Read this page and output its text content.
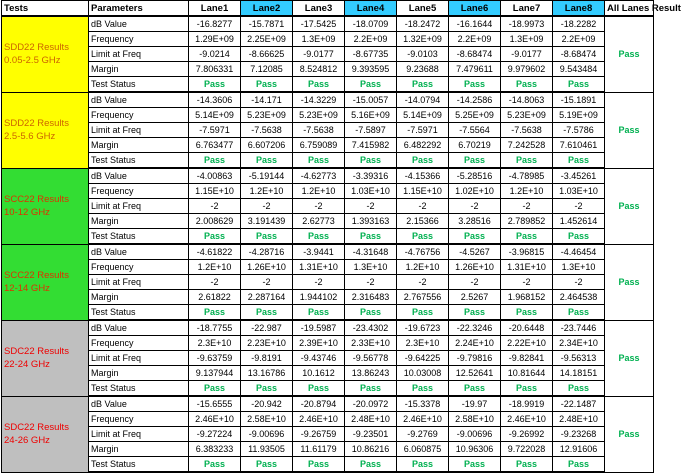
Tests	Parameters	Lane1	Lane2	Lane3	Lane4	Lane5	Lane6	Lane7	Lane8	All Lanes Result
SDD22 Results
0.05-2.5 GHz	dB Value	-16.8277	-15.7871	-17.5425	-18.0709	-18.2472	-16.1644	-18.9973	-18.2282	Pass
	Frequency	1.29E+09	2.25E+09	1.3E+09	2.2E+09	1.32E+09	2.2E+09	1.3E+09	2.2E+09	
	Limit at Freq	-9.0214	-8.66625	-9.0177	-8.67735	-9.0103	-8.68474	-9.0177	-8.68474	
	Margin	7.806331	7.12085	8.524812	9.393595	9.23688	7.479611	9.979602	9.543484	
	Test Status	Pass	Pass	Pass	Pass	Pass	Pass	Pass	Pass	
SDD22 Results
2.5-5.6 GHz	dB Value	-14.3606	-14.171	-14.3229	-15.0057	-14.0794	-14.2586	-14.8063	-15.1891	Pass
	Frequency	5.14E+09	5.23E+09	5.23E+09	5.16E+09	5.14E+09	5.25E+09	5.23E+09	5.19E+09	
	Limit at Freq	-7.5971	-7.5638	-7.5638	-7.5897	-7.5971	-7.5564	-7.5638	-7.5786	
	Margin	6.763477	6.607206	6.759089	7.415982	6.482292	6.70219	7.242528	7.610461	
	Test Status	Pass	Pass	Pass	Pass	Pass	Pass	Pass	Pass	
SCC22 Results
10-12 GHz	dB Value	-4.00863	-5.19144	-4.62773	-3.39316	-4.15366	-5.28516	-4.78985	-3.45261	Pass
	Frequency	1.15E+10	1.2E+10	1.2E+10	1.03E+10	1.15E+10	1.02E+10	1.2E+10	1.03E+10	
	Limit at Freq	-2	-2	-2	-2	-2	-2	-2	-2	
	Margin	2.008629	3.191439	2.62773	1.393163	2.15366	3.28516	2.789852	1.452614	
	Test Status	Pass	Pass	Pass	Pass	Pass	Pass	Pass	Pass	
SCC22 Results
12-14 GHz	dB Value	-4.61822	-4.28716	-3.9441	-4.31648	-4.76756	-4.5267	-3.96815	-4.46454	Pass
	Frequency	1.2E+10	1.26E+10	1.31E+10	1.3E+10	1.2E+10	1.26E+10	1.31E+10	1.3E+10	
	Limit at Freq	-2	-2	-2	-2	-2	-2	-2	-2	
	Margin	2.61822	2.287164	1.944102	2.316483	2.767556	2.5267	1.968152	2.464538	
	Test Status	Pass	Pass	Pass	Pass	Pass	Pass	Pass	Pass	
SDC22 Results
22-24 GHz	dB Value	-18.7755	-22.987	-19.5987	-23.4302	-19.6723	-22.3246	-20.6448	-23.7446	Pass
	Frequency	2.3E+10	2.23E+10	2.39E+10	2.33E+10	2.3E+10	2.24E+10	2.22E+10	2.34E+10	
	Limit at Freq	-9.63759	-9.8191	-9.43746	-9.56778	-9.64225	-9.79816	-9.82841	-9.56313	
	Margin	9.137944	13.16786	10.1612	13.86243	10.03008	12.52641	10.81644	14.18151	
	Test Status	Pass	Pass	Pass	Pass	Pass	Pass	Pass	Pass	
SDC22 Results
24-26 GHz	dB Value	-15.6555	-20.942	-20.8794	-20.0972	-15.3378	-19.97	-18.9919	-22.1487	Pass
	Frequency	2.46E+10	2.58E+10	2.46E+10	2.48E+10	2.46E+10	2.58E+10	2.46E+10	2.48E+10	
	Limit at Freq	-9.27224	-9.00696	-9.26759	-9.23501	-9.2769	-9.00696	-9.26992	-9.23268	
	Margin	6.383233	11.93505	11.61179	10.86216	6.060875	10.96306	9.722028	12.91606	
	Test Status	Pass	Pass	Pass	Pass	Pass	Pass	Pass	Pass	
